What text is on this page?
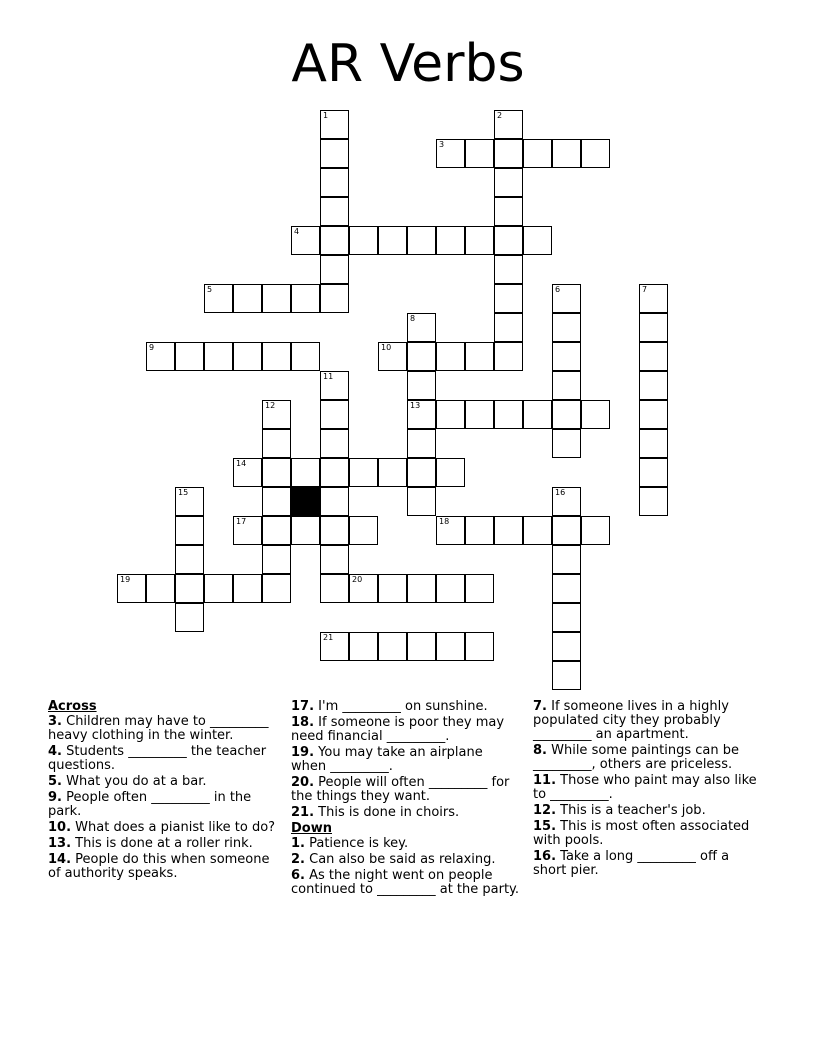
AR Verbs
1	2
3
4
5	6	7
8
9	10
11
12	13
14
15	16
17	18
19	20
21
Across
3. Children may have to _________ heavy clothing in the winter.
4. Students _________ the teacher questions.
5. What you do at a bar.
9. People often _________ in the park.
10. What does a pianist like to do?
13. This is done at a roller rink.
14. People do this when someone of authority speaks.
17. I'm _________ on sunshine.
18. If someone is poor they may need financial _________.
19. You may take an airplane when _________.
20. People will often _________ for the things they want.
21. This is done in choirs.
Down
1. Patience is key.
2. Can also be said as relaxing.
6. As the night went on people continued to _________ at the party.
7. If someone lives in a highly populated city they probably _________ an apartment.
8. While some paintings can be _________, others are priceless.
11. Those who paint may also like to _________.
12. This is a teacher's job.
15. This is most often associated with pools.
16. Take a long _________ off a short pier.
